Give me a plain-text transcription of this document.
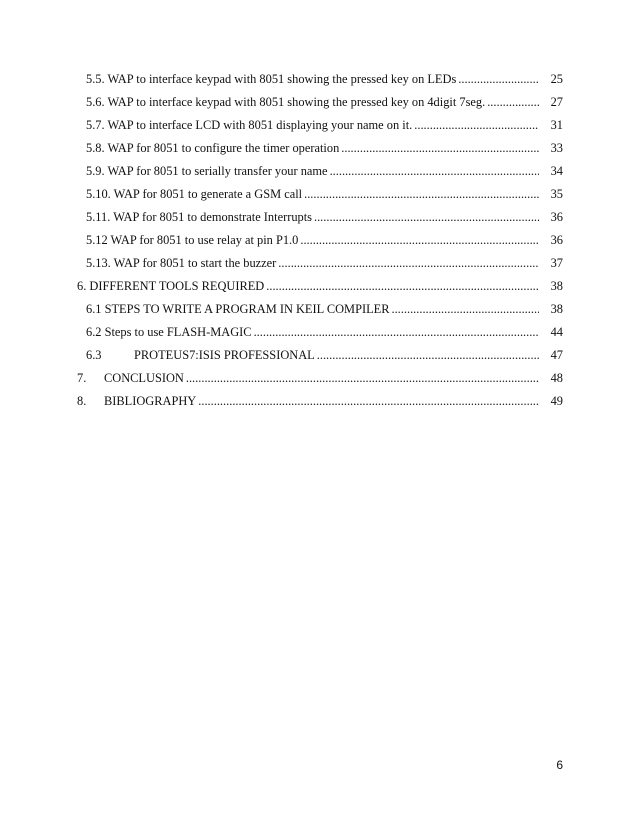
5.5. WAP to interface keypad with 8051 showing the pressed key on LEDs .....	25
5.6. WAP to interface keypad with 8051 showing the pressed key on 4digit 7seg. .....	27
5.7. WAP to interface LCD with 8051 displaying your name on it. .....	31
5.8. WAP for 8051 to configure the timer operation .....	33
5.9. WAP for 8051 to serially transfer your name .....	34
5.10. WAP for 8051 to generate a GSM call .....	35
5.11. WAP for 8051 to demonstrate Interrupts .....	36
5.12 WAP for 8051 to use relay at pin P1.0 .....	36
5.13. WAP for 8051 to start the buzzer .....	37
6. DIFFERENT TOOLS REQUIRED .....	38
6.1 STEPS TO WRITE A PROGRAM IN KEIL COMPILER .....	38
6.2 Steps to use FLASH-MAGIC .....	44
6.3	PROTEUS7:ISIS PROFESSIONAL .....	47
7. CONCLUSION .....	48
8. BIBLIOGRAPHY .....	49
6
